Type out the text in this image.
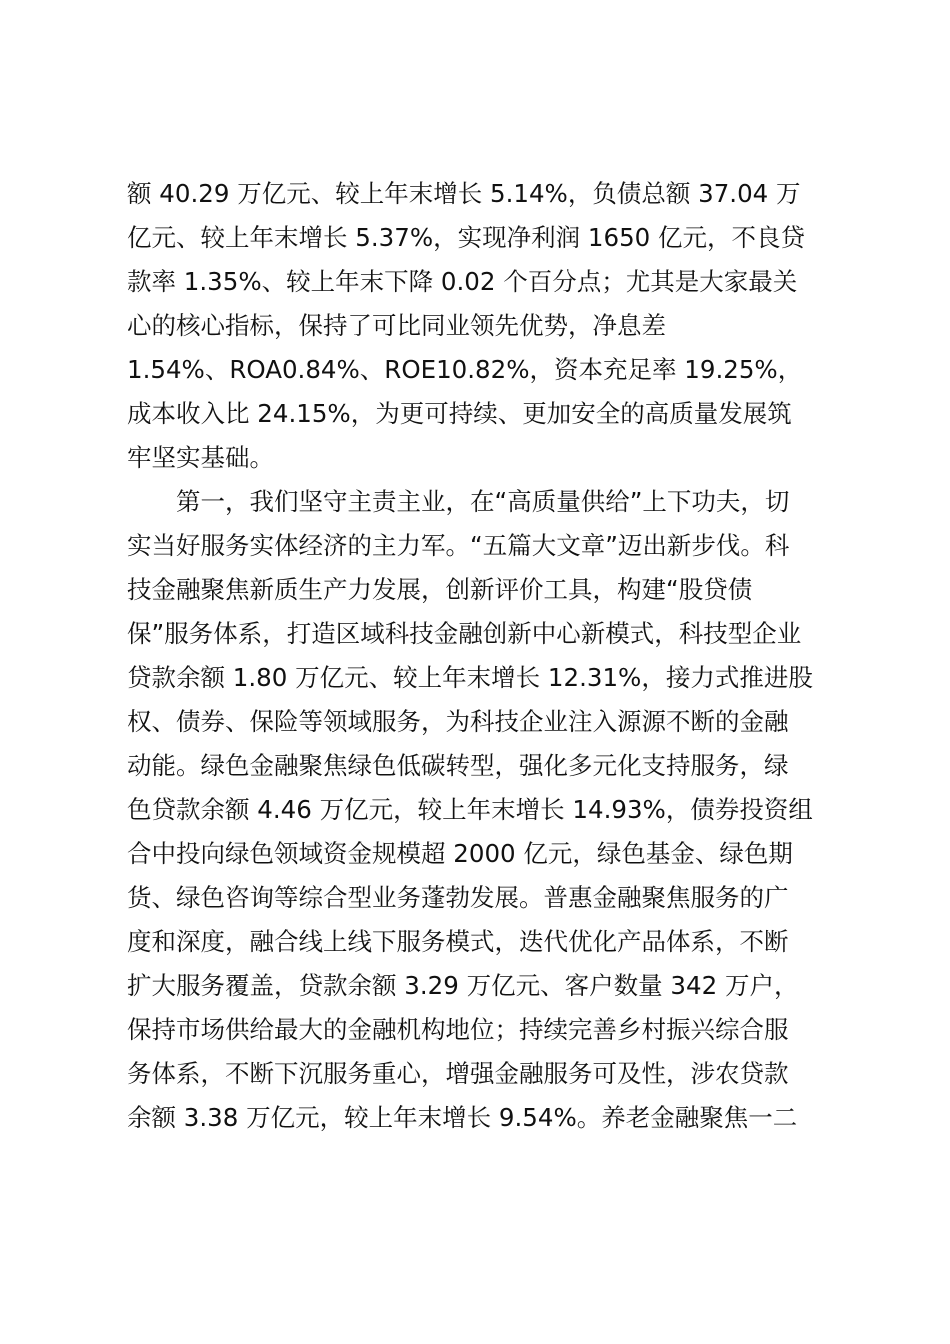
额 40.29 万亿元、较上年末增长 5.14%，负债总额 37.04 万
亿元、较上年末增长 5.37%，实现净利润 1650 亿元，不良贷
款率 1.35%、较上年末下降 0.02 个百分点；尤其是大家最关
心的核心指标，保持了可比同业领先优势，净息差
1.54%、ROA0.84%、ROE10.82%，资本充足率 19.25%，
成本收入比 24.15%，为更可持续、更加安全的高质量发展筑
牢坚实基础。
第一，我们坚守主责主业，在“高质量供给”上下功夫，切
实当好服务实体经济的主力军。“五篇大文章”迈出新步伐。科
技金融聚焦新质生产力发展，创新评价工具，构建“股贷债
保”服务体系，打造区域科技金融创新中心新模式，科技型企业
贷款余额 1.80 万亿元、较上年末增长 12.31%，接力式推进股
权、债券、保险等领域服务，为科技企业注入源源不断的金融
动能。绿色金融聚焦绿色低碳转型，强化多元化支持服务，绿
色贷款余额 4.46 万亿元，较上年末增长 14.93%，债券投资组
合中投向绿色领域资金规模超 2000 亿元，绿色基金、绿色期
货、绿色咨询等综合型业务蓬勃发展。普惠金融聚焦服务的广
度和深度，融合线上线下服务模式，迭代优化产品体系，不断
扩大服务覆盖，贷款余额 3.29 万亿元、客户数量 342 万户，
保持市场供给最大的金融机构地位；持续完善乡村振兴综合服
务体系，不断下沉服务重心，增强金融服务可及性，涉农贷款
余额 3.38 万亿元，较上年末增长 9.54%。养老金融聚焦一二
